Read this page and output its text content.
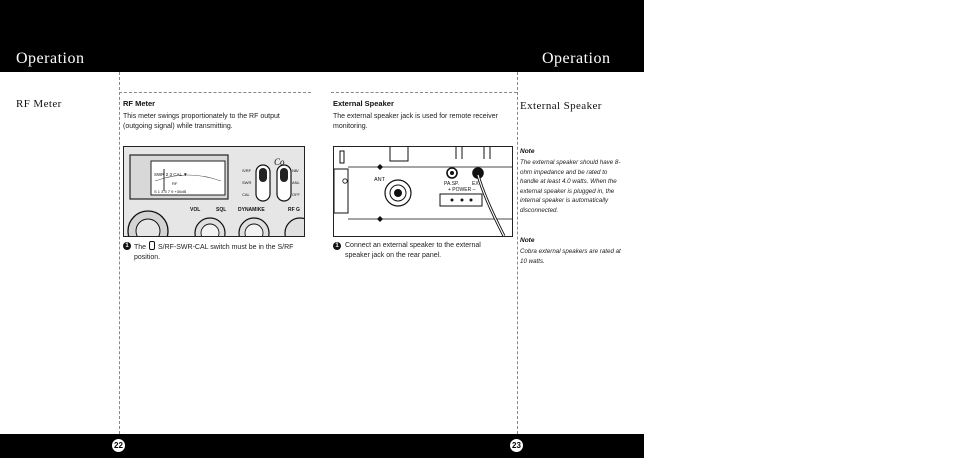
Operation	Operation
RF Meter	RF Meter
This meter swings proportionately to the RF output (outgoing signal) while transmitting.
SWR 2 3 CAL ▼
RF
S 1 3 5 7 9 +30dB
S/RF
SWR
CAL
NB/
ANL
OFF
Co
VOL	SQL DYNAMIKE	RF G
1 The S/RF-SWR-CAL switch must be in the S/RF position.
External Speaker
The external speaker jack is used for remote receiver monitoring.
ANT
PA.SP.	EXT
+ POWER –
1 Connect an external speaker to the external speaker jack on the rear panel.
External Speaker
Note
The external speaker should have 8-ohm impedance and be rated to handle at least 4.0 watts. When the external speaker is plugged in, the internal speaker is automatically disconnected.
Note
Cobra external speakers are rated at 10 watts.
22	23
